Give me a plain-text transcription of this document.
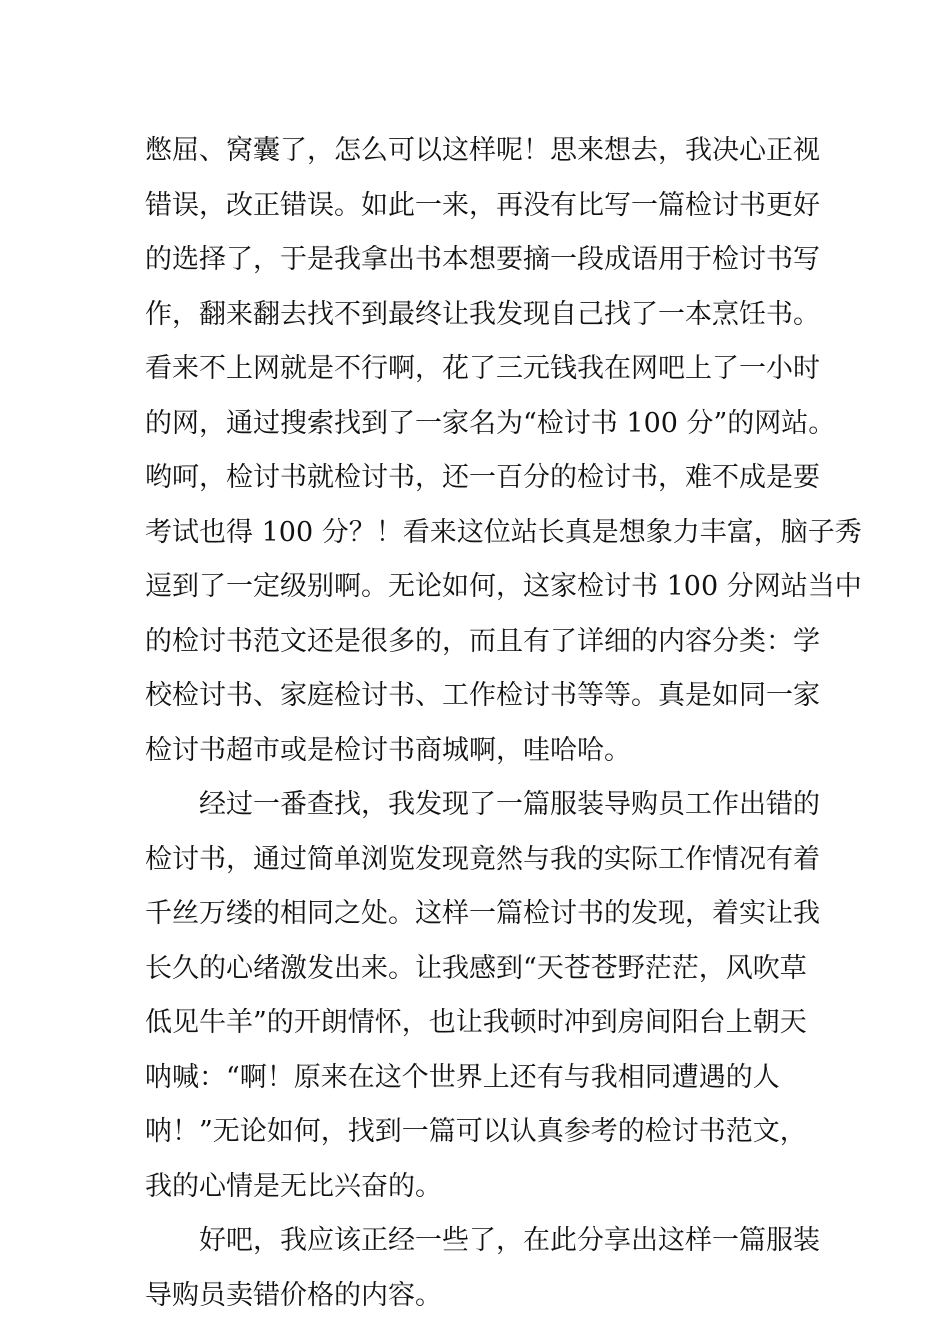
憋屈、窝囊了，怎么可以这样呢！思来想去，我决心正视
错误，改正错误。如此一来，再没有比写一篇检讨书更好
的选择了，于是我拿出书本想要摘一段成语用于检讨书写
作，翻来翻去找不到最终让我发现自己找了一本烹饪书。
看来不上网就是不行啊，花了三元钱我在网吧上了一小时
的网，通过搜索找到了一家名为“检讨书 100 分”的网站。
哟呵，检讨书就检讨书，还一百分的检讨书，难不成是要
考试也得 100 分？！看来这位站长真是想象力丰富，脑子秀
逗到了一定级别啊。无论如何，这家检讨书 100 分网站当中
的检讨书范文还是很多的，而且有了详细的内容分类：学
校检讨书、家庭检讨书、工作检讨书等等。真是如同一家
检讨书超市或是检讨书商城啊，哇哈哈。
经过一番查找，我发现了一篇服装导购员工作出错的
检讨书，通过简单浏览发现竟然与我的实际工作情况有着
千丝万缕的相同之处。这样一篇检讨书的发现，着实让我
长久的心绪激发出来。让我感到“天苍苍野茫茫，风吹草
低见牛羊”的开朗情怀，也让我顿时冲到房间阳台上朝天
呐喊：“啊！原来在这个世界上还有与我相同遭遇的人
呐！”无论如何，找到一篇可以认真参考的检讨书范文，
我的心情是无比兴奋的。
好吧，我应该正经一些了，在此分享出这样一篇服装
导购员卖错价格的内容。
